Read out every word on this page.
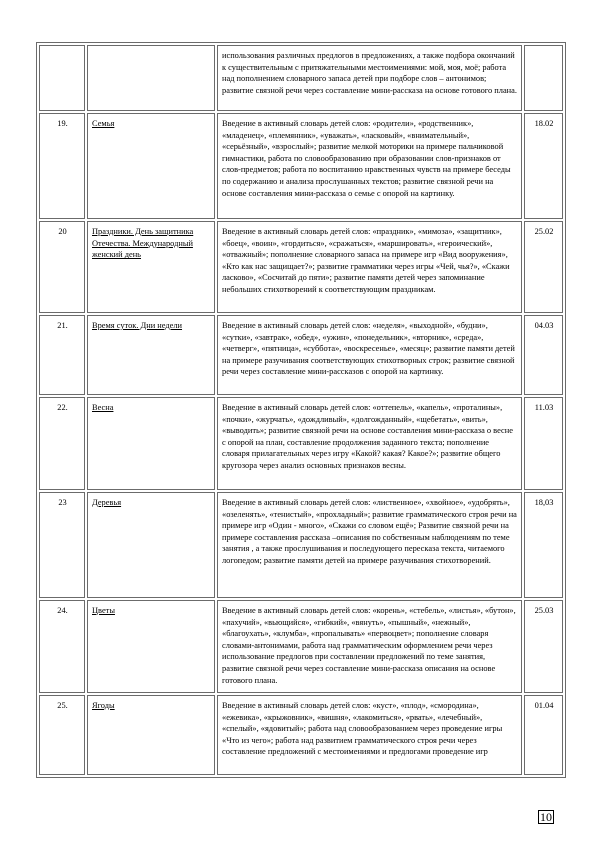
		использования различных предлогов в предложениях, а также подбора окончаний к существительным с притяжательными местоимениями: мой, моя, моё; работа над пополнением словарного запаса детей при подборе слов – антонимов; развитие связной речи через составление мини-рассказа на основе готового плана.	
19.	Семья	Введение в активный словарь детей слов: «родители», «родственник», «младенец», «племянник», «уважать», «ласковый», «внимательный», «серьёзный», «взрослый»; развитие мелкой моторики на примере пальчиковой гимнастики, работа по словообразованию при образовании слов-признаков от слов-предметов; работа по воспитанию нравственных чувств на примере беседы по содержанию и анализа прослушанных текстов; развитие связной речи на основе составления мини-рассказа о семье с опорой на картинку.	18.02
20	Праздники. День защитника Отечества. Международный женский день	Введение в активный словарь детей слов: «праздник», «мимоза», «защитник», «боец», «воин», «гордиться», «сражаться», «маршировать», «героический», «отважный»; пополнение словарного запаса на примере игр «Вид вооружения», «Кто как нас защищает?»; развитие грамматики через игры «Чей, чья?», «Скажи ласково», «Сосчитай до пяти»; развитие памяти детей через запоминание небольших стихотворений к соответствующим праздникам.	25.02
21.	Время суток. Дни недели	Введение в активный словарь детей слов: «неделя», «выходной», «будни», «сутки», «завтрак», «обед», «ужин», «понедельник», «вторник», «среда», «четверг», «пятница», «суббота», «воскресенье», «месяц»; развитие памяти детей на примере разучивания соответствующих стихотворных строк; развитие связной речи через составление мини-рассказов с опорой на картинку.	04.03
22.	Весна	Введение в активный словарь детей слов: «оттепель», «капель», «проталины», «почки», «журчать», «дождливый», «долгожданный», «щебетать», «вить», «выводить»; развитие связной речи на основе составления мини-рассказа о весне с опорой на план, составление продолжения заданного текста; пополнение словаря прилагательных через игру «Какой? какая? Какое?»; развитие общего кругозора через анализ основных признаков весны.	11.03
23	Деревья	Введение в активный словарь детей слов: «лиственное», «хвойное», «удобрять», «озеленять», «тенистый», «прохладный»; развитие грамматического строя речи на примере игр «Один - много», «Скажи со словом ещё»; Развитие связной речи на примере составления рассказа –описания по собственным наблюдениям по теме занятия , а также прослушивания и последующего пересказа текста, читаемого логопедом; развитие памяти детей на примере разучивания стихотворений.	18,03
24.	Цветы	Введение в активный словарь детей слов: «корень», «стебель», «листья», «бутон», «пахучий», «вьющийся», «гибкий», «вянуть», «пышный», «нежный», «благоухать», «клумба», «пропалывать» «первоцвет»; пополнение словаря словами-антонимами, работа над грамматическим оформлением речи через использование предлогов при составлении предложений по теме занятия, развитие связной речи через составление мини-рассказа описания на основе готового плана.	25.03
25.	Ягоды	Введение в активный словарь детей слов: «куст», «плод», «смородина», «ежевика», «крыжовник», «вишня», «лакомиться», «рвать», «лечебный», «спелый», «ядовитый»; работа над словообразованием через проведение игры «Что из чего»; работа над развитием грамматического строя речи через составление предложений с местоимениями и предлогами проведение игр	01.04
10
